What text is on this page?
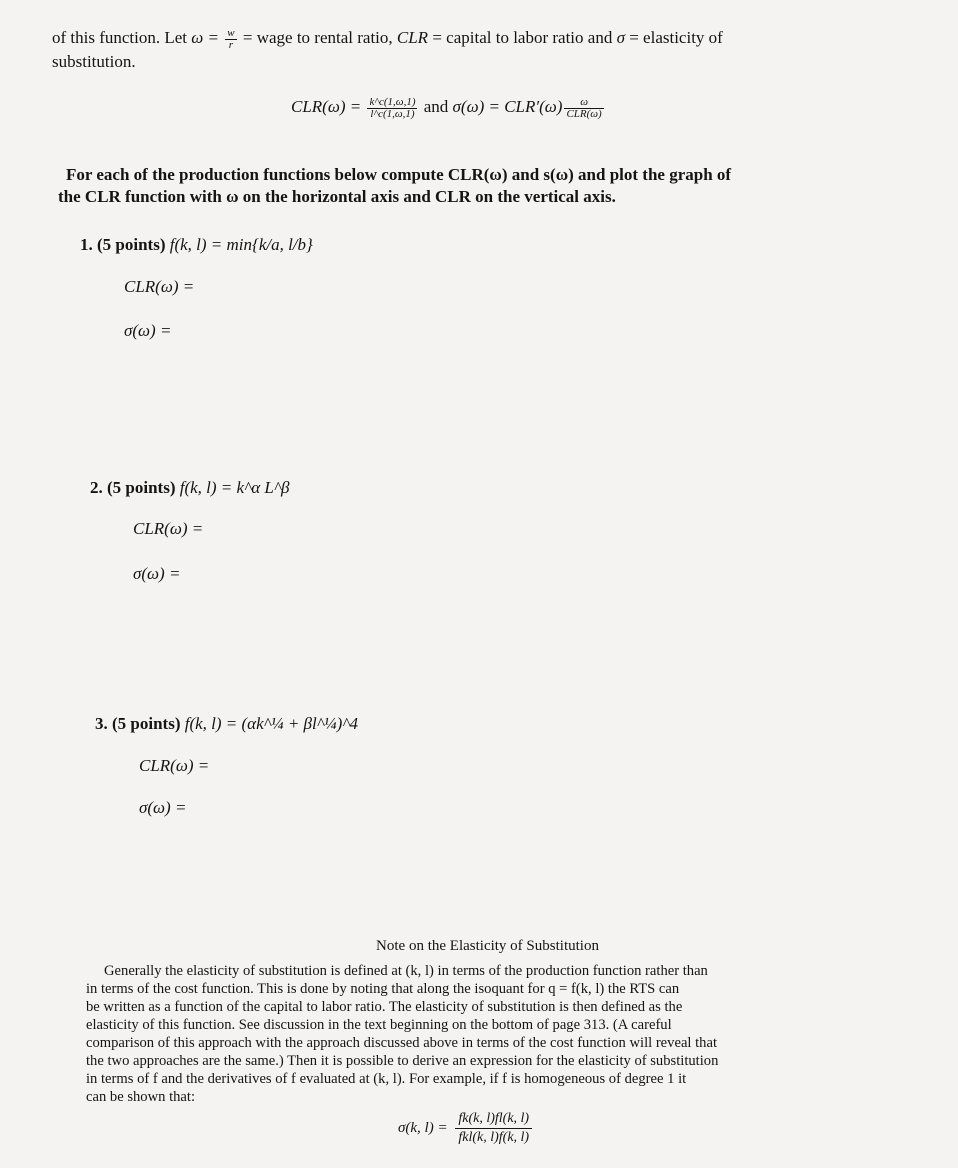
of this function. Let $\omega = \frac{w}{r}$ = wage to rental ratio, CLR = capital to labor ratio and σ = elasticity of
substitution.
$CLR(\omega) = \frac{k\^{}c(1,\omega,1)}{l\^{}c(1,\omega,1)}$ and $\sigma(\omega) = CLR'(\omega) \frac{\omega}{\text{CLR(ω)}}$
For each of the production functions below compute CLR(ω) and s(ω) and plot the graph of
the CLR function with ω on the horizontal axis and CLR on the vertical axis.
1. (5 points) f(k, l) = min{k/a, l/b}
CLR(ω) =
σ(ω) =
2. (5 points) f(k, l) = k^α L^β
CLR(ω) =
σ(ω) =
3. (5 points) f(k, l) = (αk^¼ + βl^¼)^4
CLR(ω) =
σ(ω) =
Note on the Elasticity of Substitution
Generally the elasticity of substitution is defined at (k, l) in terms of the production function rather than
in terms of the cost function. This is done by noting that along the isoquant for q = f(k, l) the RTS can
be written as a function of the capital to labor ratio. The elasticity of substitution is then defined as the
elasticity of this function. See discussion in the text beginning on the bottom of page 313. (A careful
comparison of this approach with the approach discussed above in terms of the cost function will reveal that
the two approaches are the same.) Then it is possible to derive an expression for the elasticity of substitution
in terms of f and the derivatives of f evaluated at (k, l). For example, if f is homogeneous of degree 1 it
can be shown that:
σ(k, $l) = \frac{fk(k, l)fl(k, l)}{\text{fkl(k, l)f(k, l)}}$
